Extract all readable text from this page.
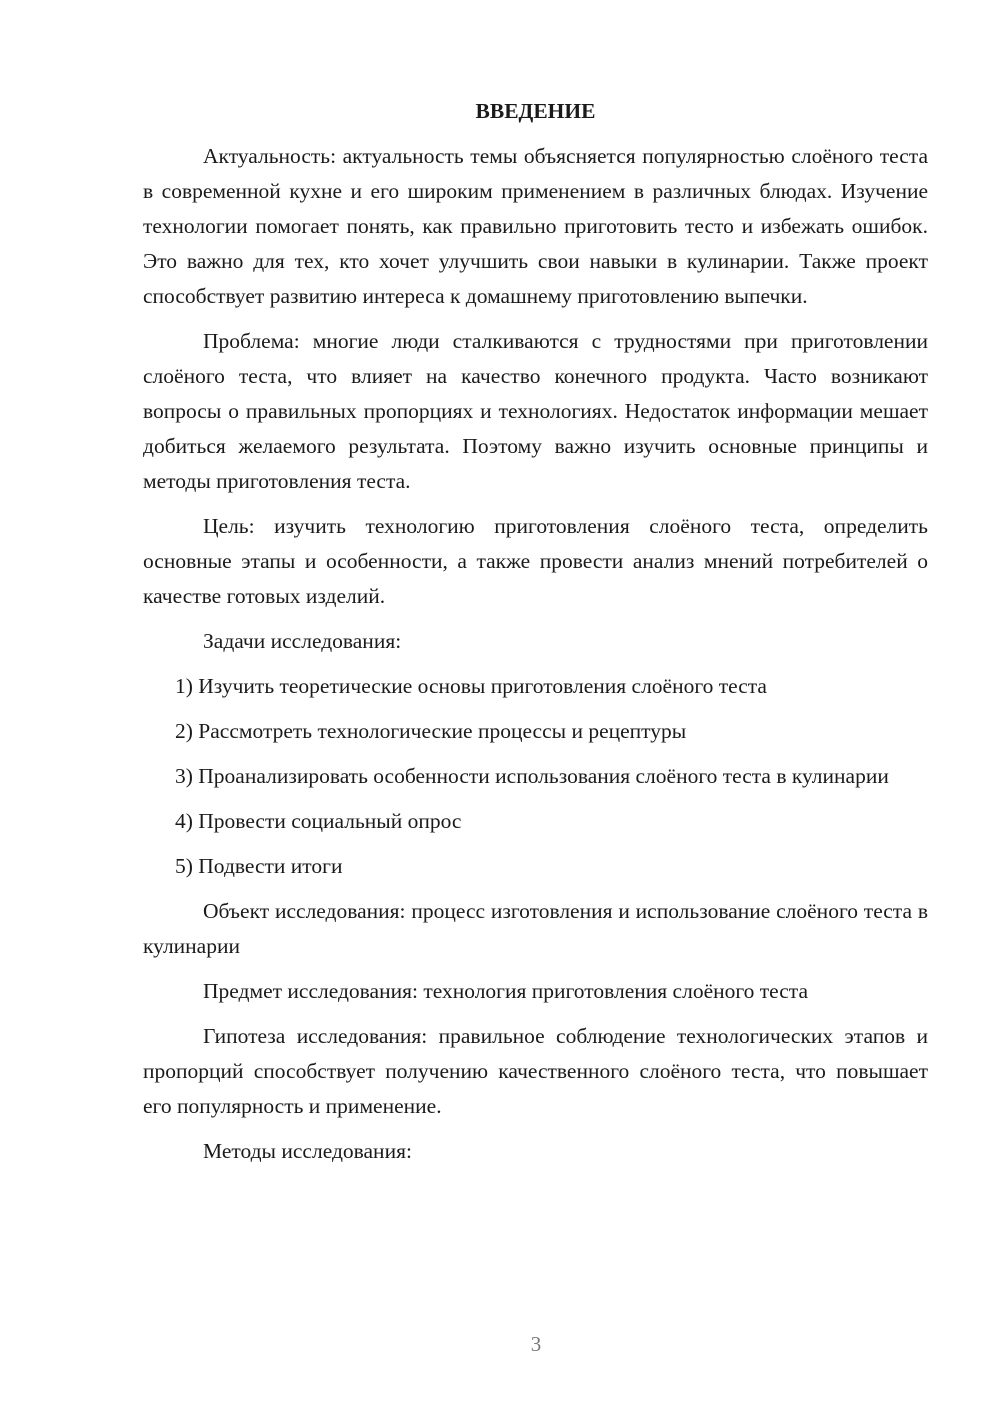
ВВЕДЕНИЕ

Актуальность: актуальность темы объясняется популярностью слоёного теста в современной кухне и его широким применением в различных блюдах. Изучение технологии помогает понять, как правильно приготовить тесто и избежать ошибок. Это важно для тех, кто хочет улучшить свои навыки в кулинарии. Также проект способствует развитию интереса к домашнему приготовлению выпечки.

Проблема: многие люди сталкиваются с трудностями при приготовлении слоёного теста, что влияет на качество конечного продукта. Часто возникают вопросы о правильных пропорциях и технологиях. Недостаток информации мешает добиться желаемого результата. Поэтому важно изучить основные принципы и методы приготовления теста.

Цель: изучить технологию приготовления слоёного теста, определить основные этапы и особенности, а также провести анализ мнений потребителей о качестве готовых изделий.

Задачи исследования:

1) Изучить теоретические основы приготовления слоёного теста

2) Рассмотреть технологические процессы и рецептуры

3) Проанализировать особенности использования слоёного теста в кулинарии

4) Провести социальный опрос

5) Подвести итоги

Объект исследования: процесс изготовления и использование слоёного теста в кулинарии

Предмет исследования: технология приготовления слоёного теста

Гипотеза исследования: правильное соблюдение технологических этапов и пропорций способствует получению качественного слоёного теста, что повышает его популярность и применение.

Методы исследования:

3
